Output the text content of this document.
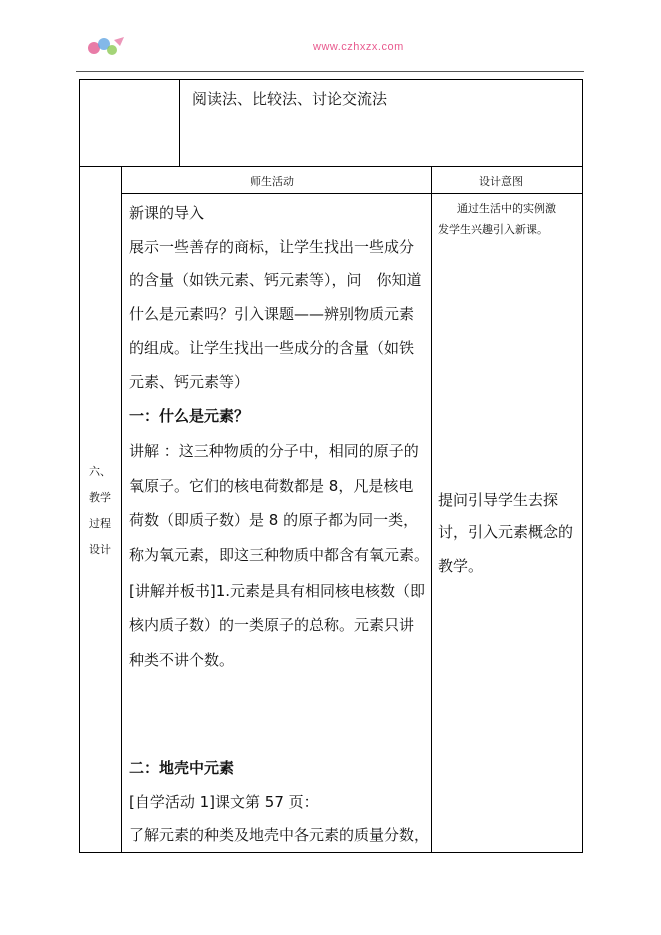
www.czhxzx.com
阅读法、比较法、讨论交流法
师生活动	设计意图
六、
教学
过程
设计
新课的导入
展示一些善存的商标，让学生找出一些成分
的含量（如铁元素、钙元素等），问　你知道
什么是元素吗？引入课题——辨别物质元素
的组成。让学生找出一些成分的含量（如铁
元素、钙元素等）
一：什么是元素？
讲解 ：这三种物质的分子中，相同的原子的
氧原子。它们的核电荷数都是 8，凡是核电
荷数（即质子数）是 8 的原子都为同一类，
称为氧元素，即这三种物质中都含有氧元素。
[讲解并板书]1.元素是具有相同核电核数（即
核内质子数）的一类原子的总称。元素只讲
种类不讲个数。
二：地壳中元素
[自学活动 1]课文第 57 页：
了解元素的种类及地壳中各元素的质量分数，
通过生活中的实例激
发学生兴趣引入新课。
提问引导学生去探
讨，引入元素概念的
教学。
